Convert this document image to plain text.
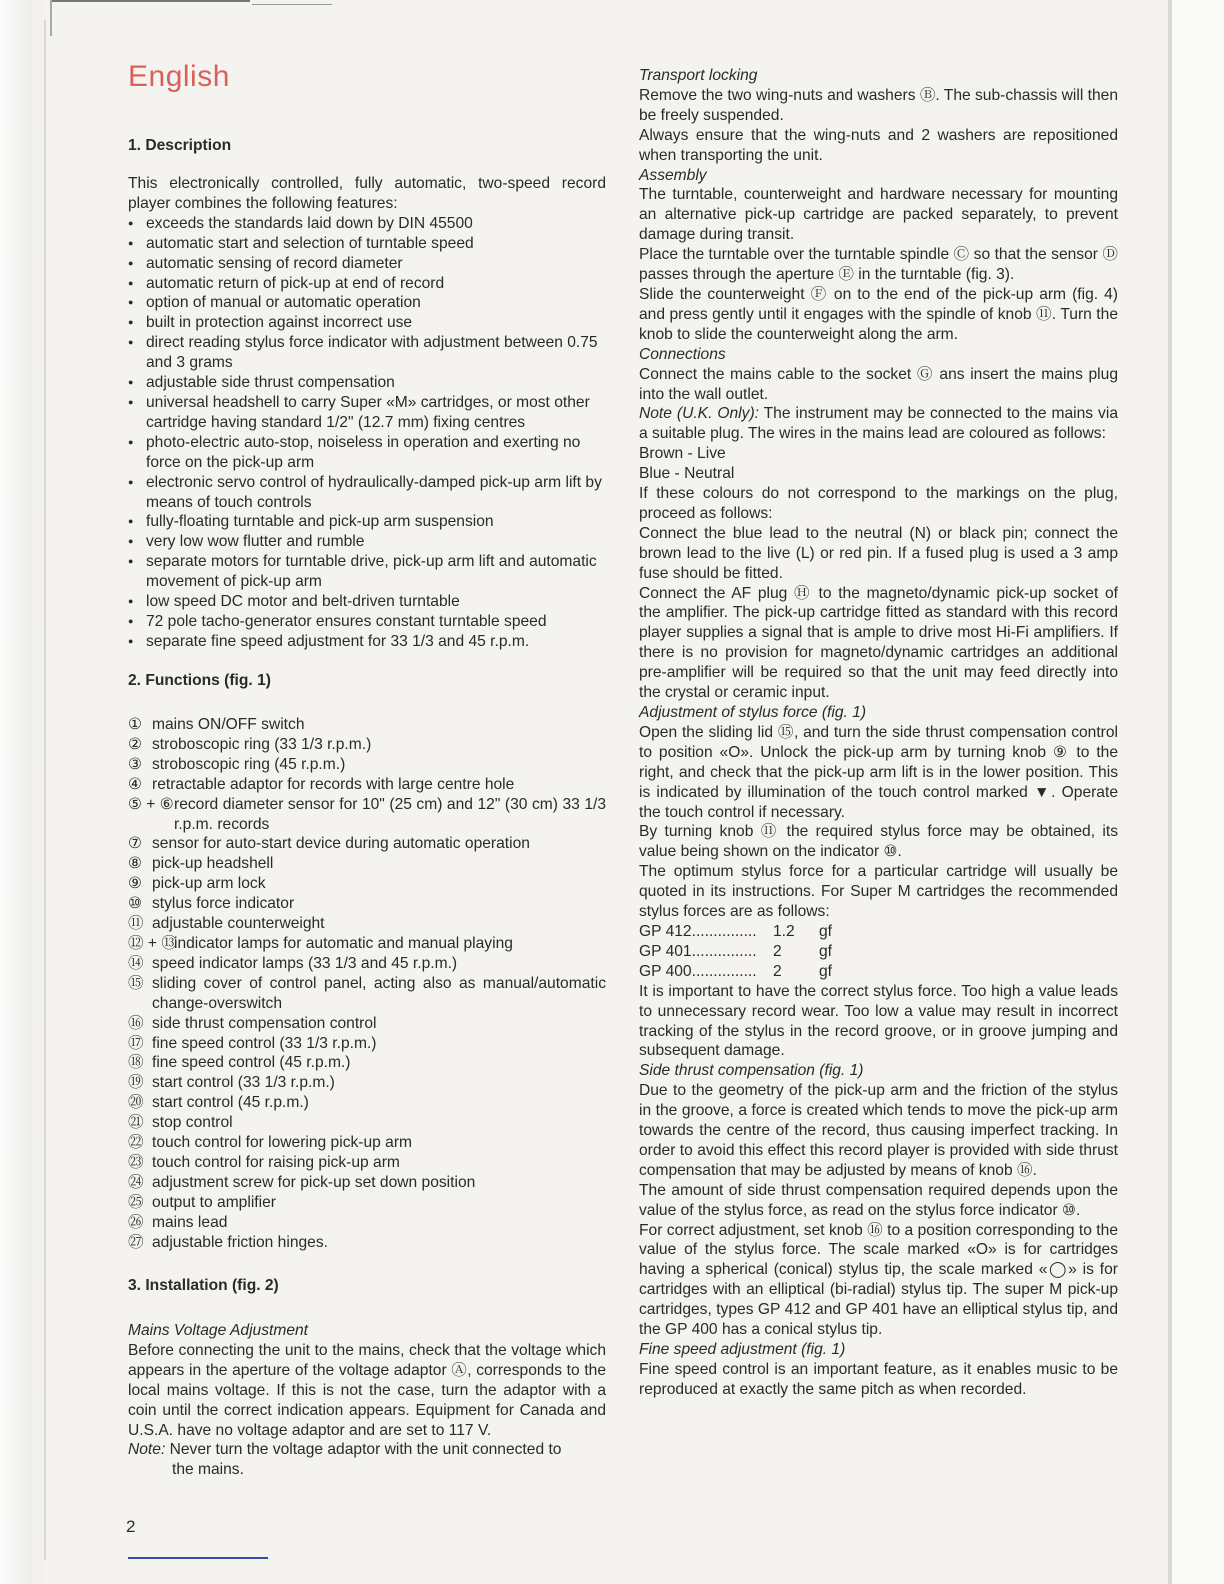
English
1. Description

This electronically controlled, fully automatic, two-speed record player combines the following features:

● exceeds the standards laid down by DIN 45500

● automatic start and selection of turntable speed

● automatic sensing of record diameter

● automatic return of pick-up at end of record

● option of manual or automatic operation

● built in protection against incorrect use

● direct reading stylus force indicator with adjustment between 0.75 and 3 grams

● adjustable side thrust compensation

● universal headshell to carry Super «M» cartridges, or most other cartridge having standard 1/2" (12.7 mm) fixing centres

● photo-electric auto-stop, noiseless in operation and exerting no force on the pick-up arm

● electronic servo control of hydraulically-damped pick-up arm lift by means of touch controls

● fully-floating turntable and pick-up arm suspension

● very low wow flutter and rumble

● separate motors for turntable drive, pick-up arm lift and automatic movement of pick-up arm

● low speed DC motor and belt-driven turntable

● 72 pole tacho-generator ensures constant turntable speed

● separate fine speed adjustment for 33 1/3 and 45 r.p.m.

2. Functions (fig. 1)

① mains ON/OFF switch

② stroboscopic ring (33 1/3 r.p.m.)

③ stroboscopic ring (45 r.p.m.)

④ retractable adaptor for records with large centre hole

⑤ + ⑥ record diameter sensor for 10" (25 cm) and 12" (30 cm) 33 1/3 r.p.m. records

⑦ sensor for auto-start device during automatic operation

⑧ pick-up headshell

⑨ pick-up arm lock

⑩ stylus force indicator

⑪ adjustable counterweight

⑫ + ⑬
indicator lamps for automatic and manual playing

⑭ speed indicator lamps (33 1/3 and 45 r.p.m.)

⑮ sliding cover of control panel, acting also as manual/automatic change-overswitch

⑯ side thrust compensation control

⑰ fine speed control (33 1/3 r.p.m.)

⑱ fine speed control (45 r.p.m.)

⑲ start control (33 1/3 r.p.m.)

⑳ start control (45 r.p.m.)

㉑ stop control

㉒ touch control for lowering pick-up arm

㉓ touch control for raising pick-up arm

㉔ adjustment screw for pick-up set down position

㉕ output to amplifier

㉖ mains lead

㉗ adjustable friction hinges.

3. Installation (fig. 2)

Mains Voltage Adjustment

Before connecting the unit to the mains, check that the voltage which appears in the aperture of the voltage adaptor Ⓐ, corresponds to the local mains voltage. If this is not the case, turn the adaptor with a coin until the correct indication appears. Equipment for Canada and U.S.A. have no voltage adaptor and are set to 117 V.

Note: Never turn the voltage adaptor with the unit connected to

the mains.

2

Transport locking

Remove the two wing-nuts and washers Ⓑ. The sub-chassis will then be freely suspended.

Always ensure that the wing-nuts and 2 washers are repositioned when transporting the unit.

Assembly

The turntable, counterweight and hardware necessary for mounting an alternative pick-up cartridge are packed separately, to prevent damage during transit.

Place the turntable over the turntable spindle Ⓒ so that the sensor Ⓓ passes through the aperture Ⓔ in the turntable (fig. 3).

Slide the counterweight Ⓕ on to the end of the pick-up arm (fig. 4) and press gently until it engages with the spindle of knob ⑪. Turn the knob to slide the counterweight along the arm.

Connections

Connect the mains cable to the socket Ⓖ ans insert the mains plug into the wall outlet.

Note (U.K. Only): The instrument may be connected to the mains via a suitable plug. The wires in the mains lead are coloured as follows:

Brown - Live

Blue - Neutral

If these colours do not correspond to the markings on the plug, proceed as follows:

Connect the blue lead to the neutral (N) or black pin; connect the brown lead to the live (L) or red pin. If a fused plug is used a 3 amp fuse should be fitted.

Connect the AF plug Ⓗ to the magneto/dynamic pick-up socket of the amplifier. The pick-up cartridge fitted as standard with this record player supplies a signal that is ample to drive most Hi-Fi amplifiers. If there is no provision for magneto/dynamic cartridges an additional pre-amplifier will be required so that the unit may feed directly into the crystal or ceramic input.

Adjustment of stylus force (fig. 1)

Open the sliding lid ⑮, and turn the side thrust compensation control to position «O». Unlock the pick-up arm by turning knob ⑨ to the right, and check that the pick-up arm lift is in the lower position. This is indicated by illumination of the touch control marked ▼. Operate the touch control if necessary.

By turning knob ⑪ the required stylus force may be obtained, its value being shown on the indicator ⑩.

The optimum stylus force for a particular cartridge will usually be quoted in its instructions. For Super M cartridges the recommended stylus forces are as follows:

GP 412...............	1.2	gf
GP 401...............	2	gf
GP 400...............	2	gf

It is important to have the correct stylus force. Too high a value leads to unnecessary record wear. Too low a value may result in incorrect tracking of the stylus in the record groove, or in groove jumping and subsequent damage.

Side thrust compensation (fig. 1)

Due to the geometry of the pick-up arm and the friction of the stylus in the groove, a force is created which tends to move the pick-up arm towards the centre of the record, thus causing imperfect tracking. In order to avoid this effect this record player is provided with side thrust compensation that may be adjusted by means of knob ⑯.

The amount of side thrust compensation required depends upon the value of the stylus force, as read on the stylus force indicator ⑩.

For correct adjustment, set knob ⑯ to a position corresponding to the value of the stylus force. The scale marked «O» is for cartridges having a spherical (conical) stylus tip, the scale marked «◯» is for cartridges with an elliptical (bi-radial) stylus tip. The super M pick-up cartridges, types GP 412 and GP 401 have an elliptical stylus tip, and the GP 400 has a conical stylus tip.

Fine speed adjustment (fig. 1)

Fine speed control is an important feature, as it enables music to be reproduced at exactly the same pitch as when recorded.
